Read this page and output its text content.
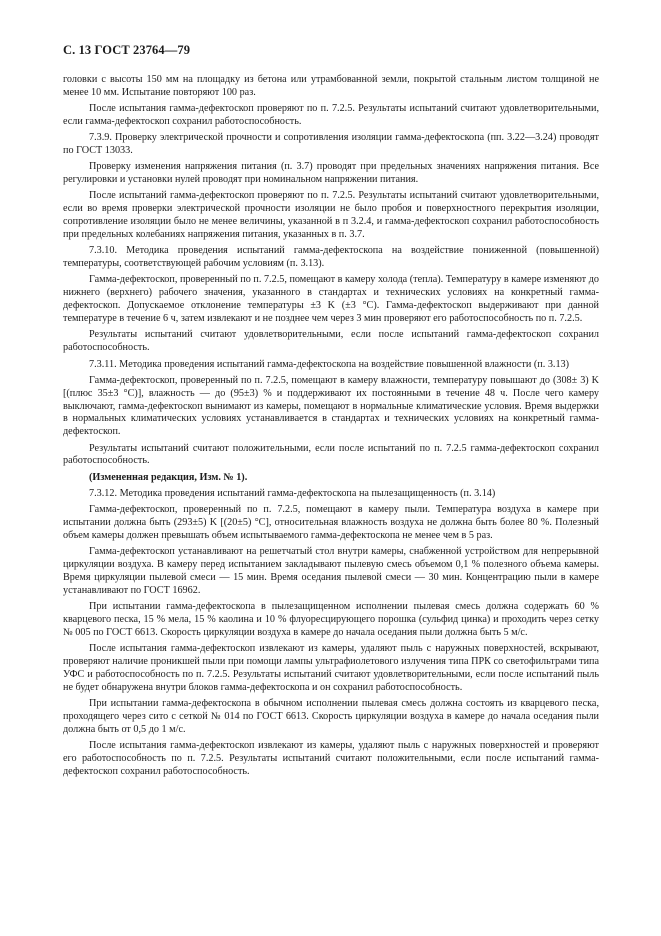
С. 13 ГОСТ 23764—79

головки с высоты 150 мм на площадку из бетона или утрамбованной земли, покрытой стальным листом толщиной не менее 10 мм. Испытание повторяют 100 раз.

После испытания гамма-дефектоскоп проверяют по п. 7.2.5. Результаты испытаний считают удовлетворительными, если гамма-дефектоскоп сохранил работоспособность.

7.3.9. Проверку электрической прочности и сопротивления изоляции гамма-дефектоскопа (пп. 3.22—3.24) проводят по ГОСТ 13033.

Проверку изменения напряжения питания (п. 3.7) проводят при предельных значениях напряжения питания. Все регулировки и установки нулей проводят при номинальном напряжении питания.

После испытаний гамма-дефектоскоп проверяют по п. 7.2.5. Результаты испытаний считают удовлетворительными, если во время проверки электрической прочности изоляции не было пробоя и поверхностного перекрытия изоляции, сопротивление изоляции было не менее величины, указанной в п 3.2.4, и гамма-дефектоскоп сохранил работоспособность при предельных колебаниях напряжения питания, указанных в п. 3.7.

7.3.10. Методика проведения испытаний гамма-дефектоскопа на воздействие пониженной (повышенной) температуры, соответствующей рабочим условиям (п. 3.13).

Гамма-дефектоскоп, проверенный по п. 7.2.5, помещают в камеру холода (тепла). Температуру в камере изменяют до нижнего (верхнего) рабочего значения, указанного в стандартах и технических условиях на конкретный гамма-дефектоскоп. Допускаемое отклонение температуры ±3 K (±3 °С). Гамма-дефектоскоп выдерживают при данной температуре в течение 6 ч, затем извлекают и не позднее чем через 3 мин проверяют его работоспособность по п. 7.2.5.

Результаты испытаний считают удовлетворительными, если после испытаний гамма-дефектоскоп сохранил работоспособность.

7.3.11. Методика проведения испытаний гамма-дефектоскопа на воздействие повышенной влажности (п. 3.13)

Гамма-дефектоскоп, проверенный по п. 7.2.5, помещают в камеру влажности, температуру повышают до (308± 3) K [(плюс 35±3 °С)], влажность — до (95±3) % и поддерживают их постоянными в течение 48 ч. После чего камеру выключают, гамма-дефектоскоп вынимают из камеры, помещают в нормальные климатические условия. Время выдержки в нормальных климатических условиях устанавливается в стандартах и технических условиях на конкретный гамма-дефектоскоп.

Результаты испытаний считают положительными, если после испытаний по п. 7.2.5 гамма-дефектоскоп сохранил работоспособность.

(Измененная редакция, Изм. № 1).

7.3.12. Методика проведения испытаний гамма-дефектоскопа на пылезащищенность (п. 3.14)

Гамма-дефектоскоп, проверенный по п. 7.2.5, помещают в камеру пыли. Температура воздуха в камере при испытании должна быть (293±5) K [(20±5) °С], относительная влажность воздуха не должна быть более 80 %. Полезный объем камеры должен превышать объем испытываемого гамма-дефектоскопа не менее чем в 5 раз.

Гамма-дефектоскоп устанавливают на решетчатый стол внутри камеры, снабженной устройством для непрерывной циркуляции воздуха. В камеру перед испытанием закладывают пылевую смесь объемом 0,1 % полезного объема камеры. Время циркуляции пылевой смеси — 15 мин. Время оседания пылевой смеси — 30 мин. Концентрацию пыли в камере устанавливают по ГОСТ 16962.

При испытании гамма-дефектоскопа в пылезащищенном исполнении пылевая смесь должна содержать 60 % кварцевого песка, 15 % мела, 15 % каолина и 10 % флуоресцирующего порошка (сульфид цинка) и проходить через сетку № 005 по ГОСТ 6613. Скорость циркуляции воздуха в камере до начала оседания пыли должна быть 5 м/с.

После испытания гамма-дефектоскоп извлекают из камеры, удаляют пыль с наружных поверхностей, вскрывают, проверяют наличие проникшей пыли при помощи лампы ультрафиолетового излучения типа ПРК со светофильтрами типа УФС и работоспособность по п. 7.2.5. Результаты испытаний считают удовлетворительными, если после испытаний пыль не будет обнаружена внутри блоков гамма-дефектоскопа и он сохранил работоспособность.

При испытании гамма-дефектоскопа в обычном исполнении пылевая смесь должна состоять из кварцевого песка, проходящего через сито с сеткой № 014 по ГОСТ 6613. Скорость циркуляции воздуха в камере до начала оседания пыли должна быть от 0,5 до 1 м/с.

После испытания гамма-дефектоскоп извлекают из камеры, удаляют пыль с наружных поверхностей и проверяют его работоспособность по п. 7.2.5. Результаты испытаний считают положительными, если после испытаний гамма-дефектоскоп сохранил работоспособность.
